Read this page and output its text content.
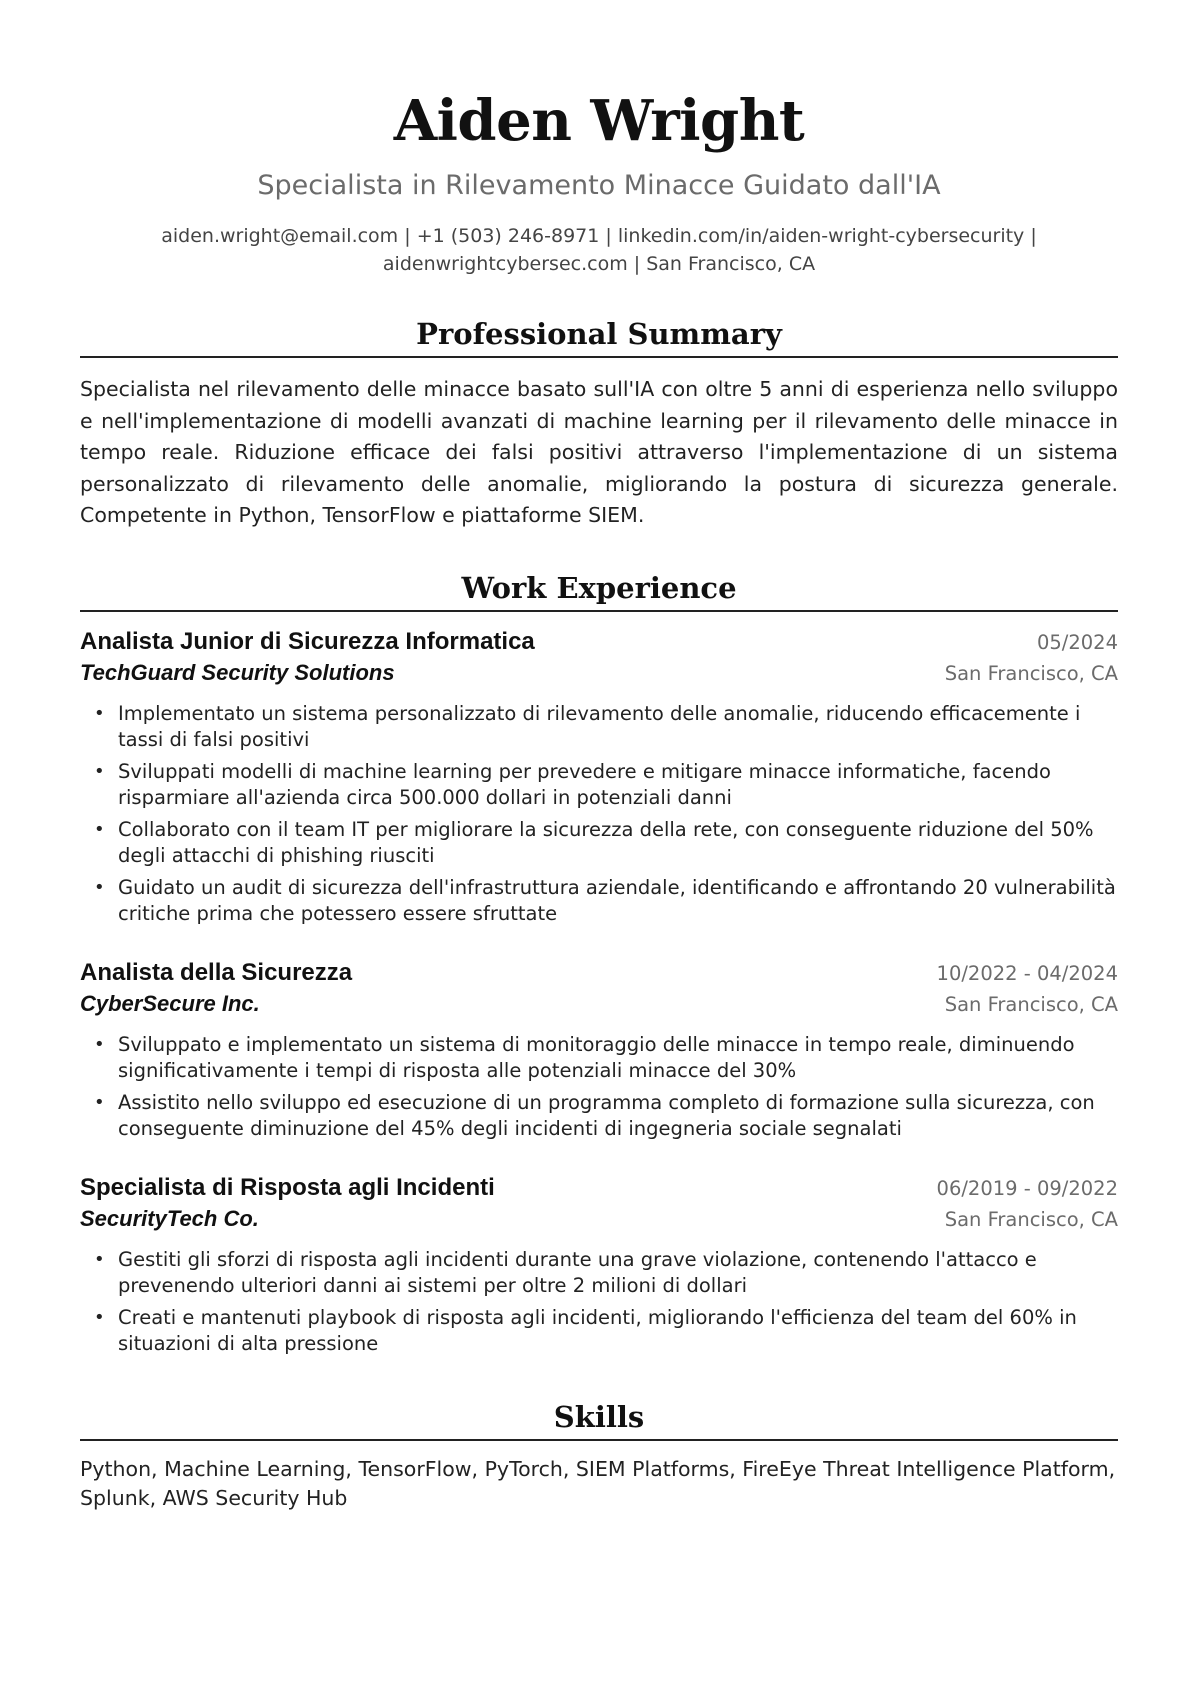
Aiden Wright
Specialista in Rilevamento Minacce Guidato dall'IA
aiden.wright@email.com | +1 (503) 246-8971 | linkedin.com/in/aiden-wright-cybersecurity |
aidenwrightcybersec.com | San Francisco, CA
Professional Summary

Specialista nel rilevamento delle minacce basato sull'IA con oltre 5 anni di esperienza nello sviluppo e nell'implementazione di modelli avanzati di machine learning per il rilevamento delle minacce in tempo reale. Riduzione efficace dei falsi positivi attraverso l'implementazione di un sistema personalizzato di rilevamento delle anomalie, migliorando la postura di sicurezza generale. Competente in Python, TensorFlow e piattaforme SIEM.

Work Experience
Analista Junior di Sicurezza Informatica	05/2024
TechGuard Security Solutions	San Francisco, CA
• Implementato un sistema personalizzato di rilevamento delle anomalie, riducendo efficacemente i tassi di falsi positivi
• Sviluppati modelli di machine learning per prevedere e mitigare minacce informatiche, facendo risparmiare all'azienda circa 500.000 dollari in potenziali danni
• Collaborato con il team IT per migliorare la sicurezza della rete, con conseguente riduzione del 50% degli attacchi di phishing riusciti
• Guidato un audit di sicurezza dell'infrastruttura aziendale, identificando e affrontando 20 vulnerabilità critiche prima che potessero essere sfruttate
Analista della Sicurezza	10/2022 - 04/2024
CyberSecure Inc.	San Francisco, CA
• Sviluppato e implementato un sistema di monitoraggio delle minacce in tempo reale, diminuendo significativamente i tempi di risposta alle potenziali minacce del 30%
• Assistito nello sviluppo ed esecuzione di un programma completo di formazione sulla sicurezza, con conseguente diminuzione del 45% degli incidenti di ingegneria sociale segnalati
Specialista di Risposta agli Incidenti	06/2019 - 09/2022
SecurityTech Co.	San Francisco, CA
• Gestiti gli sforzi di risposta agli incidenti durante una grave violazione, contenendo l'attacco e prevenendo ulteriori danni ai sistemi per oltre 2 milioni di dollari
• Creati e mantenuti playbook di risposta agli incidenti, migliorando l'efficienza del team del 60% in situazioni di alta pressione
Skills
Python, Machine Learning, TensorFlow, PyTorch, SIEM Platforms, FireEye Threat Intelligence Platform, Splunk, AWS Security Hub
